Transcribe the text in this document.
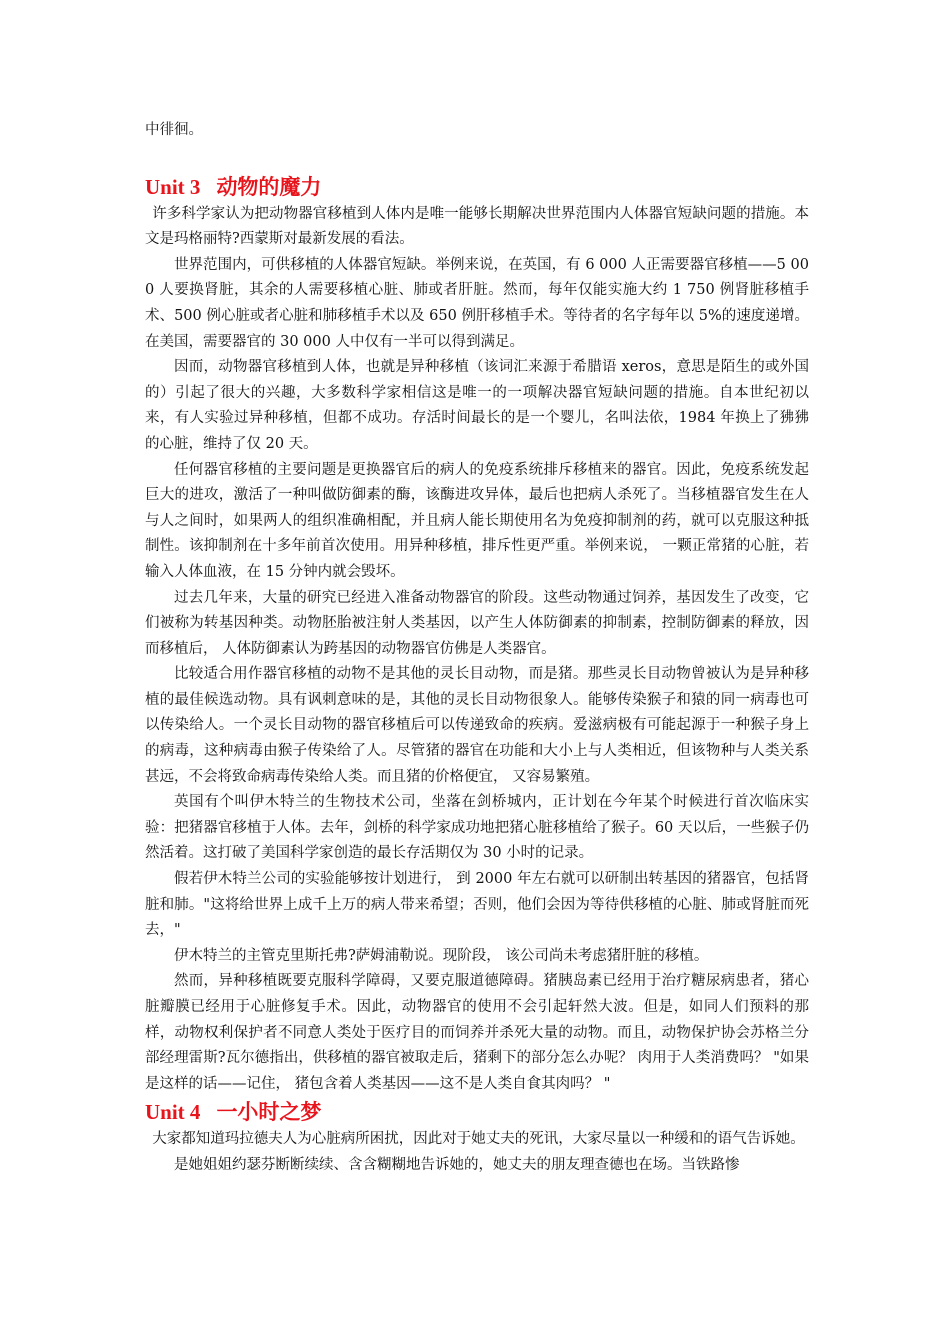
中徘徊。

Unit 3 动物的魔力

许多科学家认为把动物器官移植到人体内是唯一能够长期解决世界范围内人体器官短缺问题的措施。本文是玛格丽特?西蒙斯对最新发展的看法。

世界范围内，可供移植的人体器官短缺。举例来说，在英国，有 6 000 人正需要器官移植——5 000 人要换肾脏，其余的人需要移植心脏、肺或者肝脏。然而，每年仅能实施大约 1 750 例肾脏移植手术、500 例心脏或者心脏和肺移植手术以及 650 例肝移植手术。等待者的名字每年以 5%的速度递增。在美国，需要器官的 30 000 人中仅有一半可以得到满足。

因而，动物器官移植到人体，也就是异种移植（该词汇来源于希腊语 xeros，意思是陌生的或外国的）引起了很大的兴趣，大多数科学家相信这是唯一的一项解决器官短缺问题的措施。自本世纪初以来，有人实验过异种移植，但都不成功。存活时间最长的是一个婴儿，名叫法依，1984 年换上了狒狒的心脏，维持了仅 20 天。

任何器官移植的主要问题是更换器官后的病人的免疫系统排斥移植来的器官。因此，免疫系统发起巨大的进攻，激活了一种叫做防御素的酶，该酶进攻异体，最后也把病人杀死了。当移植器官发生在人与人之间时，如果两人的组织准确相配，并且病人能长期使用名为免疫抑制剂的药，就可以克服这种抵制性。该抑制剂在十多年前首次使用。用异种移植，排斥性更严重。举例来说， 一颗正常猪的心脏，若输入人体血液，在 15 分钟内就会毁坏。

过去几年来，大量的研究已经进入准备动物器官的阶段。这些动物通过饲养，基因发生了改变，它们被称为转基因种类。动物胚胎被注射人类基因，以产生人体防御素的抑制素，控制防御素的释放，因而移植后， 人体防御素认为跨基因的动物器官仿佛是人类器官。

比较适合用作器官移植的动物不是其他的灵长目动物，而是猪。那些灵长目动物曾被认为是异种移植的最佳候选动物。具有讽刺意味的是，其他的灵长目动物很象人。能够传染猴子和猿的同一病毒也可以传染给人。一个灵长目动物的器官移植后可以传递致命的疾病。爱滋病极有可能起源于一种猴子身上的病毒，这种病毒由猴子传染给了人。尽管猪的器官在功能和大小上与人类相近，但该物种与人类关系甚远，不会将致命病毒传染给人类。而且猪的价格便宜， 又容易繁殖。

英国有个叫伊木特兰的生物技术公司，坐落在剑桥城内，正计划在今年某个时候进行首次临床实验：把猪器官移植于人体。去年，剑桥的科学家成功地把猪心脏移植给了猴子。60 天以后，一些猴子仍然活着。这打破了美国科学家创造的最长存活期仅为 30 小时的记录。

假若伊木特兰公司的实验能够按计划进行， 到 2000 年左右就可以研制出转基因的猪器官，包括肾脏和肺。"这将给世界上成千上万的病人带来希望；否则，他们会因为等待供移植的心脏、肺或肾脏而死去，"

伊木特兰的主管克里斯托弗?萨姆浦勒说。现阶段， 该公司尚未考虑猪肝脏的移植。

然而，异种移植既要克服科学障碍，又要克服道德障碍。猪胰岛素已经用于治疗糖尿病患者，猪心脏瓣膜已经用于心脏修复手术。因此，动物器官的使用不会引起轩然大波。但是，如同人们预料的那样，动物权利保护者不同意人类处于医疗目的而饲养并杀死大量的动物。而且，动物保护协会苏格兰分部经理雷斯?瓦尔德指出，供移植的器官被取走后，猪剩下的部分怎么办呢？ 肉用于人类消费吗？ "如果是这样的话——记住， 猪包含着人类基因——这不是人类自食其肉吗？ "

Unit 4 一小时之梦

大家都知道玛拉德夫人为心脏病所困扰，因此对于她丈夫的死讯，大家尽量以一种缓和的语气告诉她。

是她姐姐约瑟芬断断续续、含含糊糊地告诉她的，她丈夫的朋友理查德也在场。当铁路惨
